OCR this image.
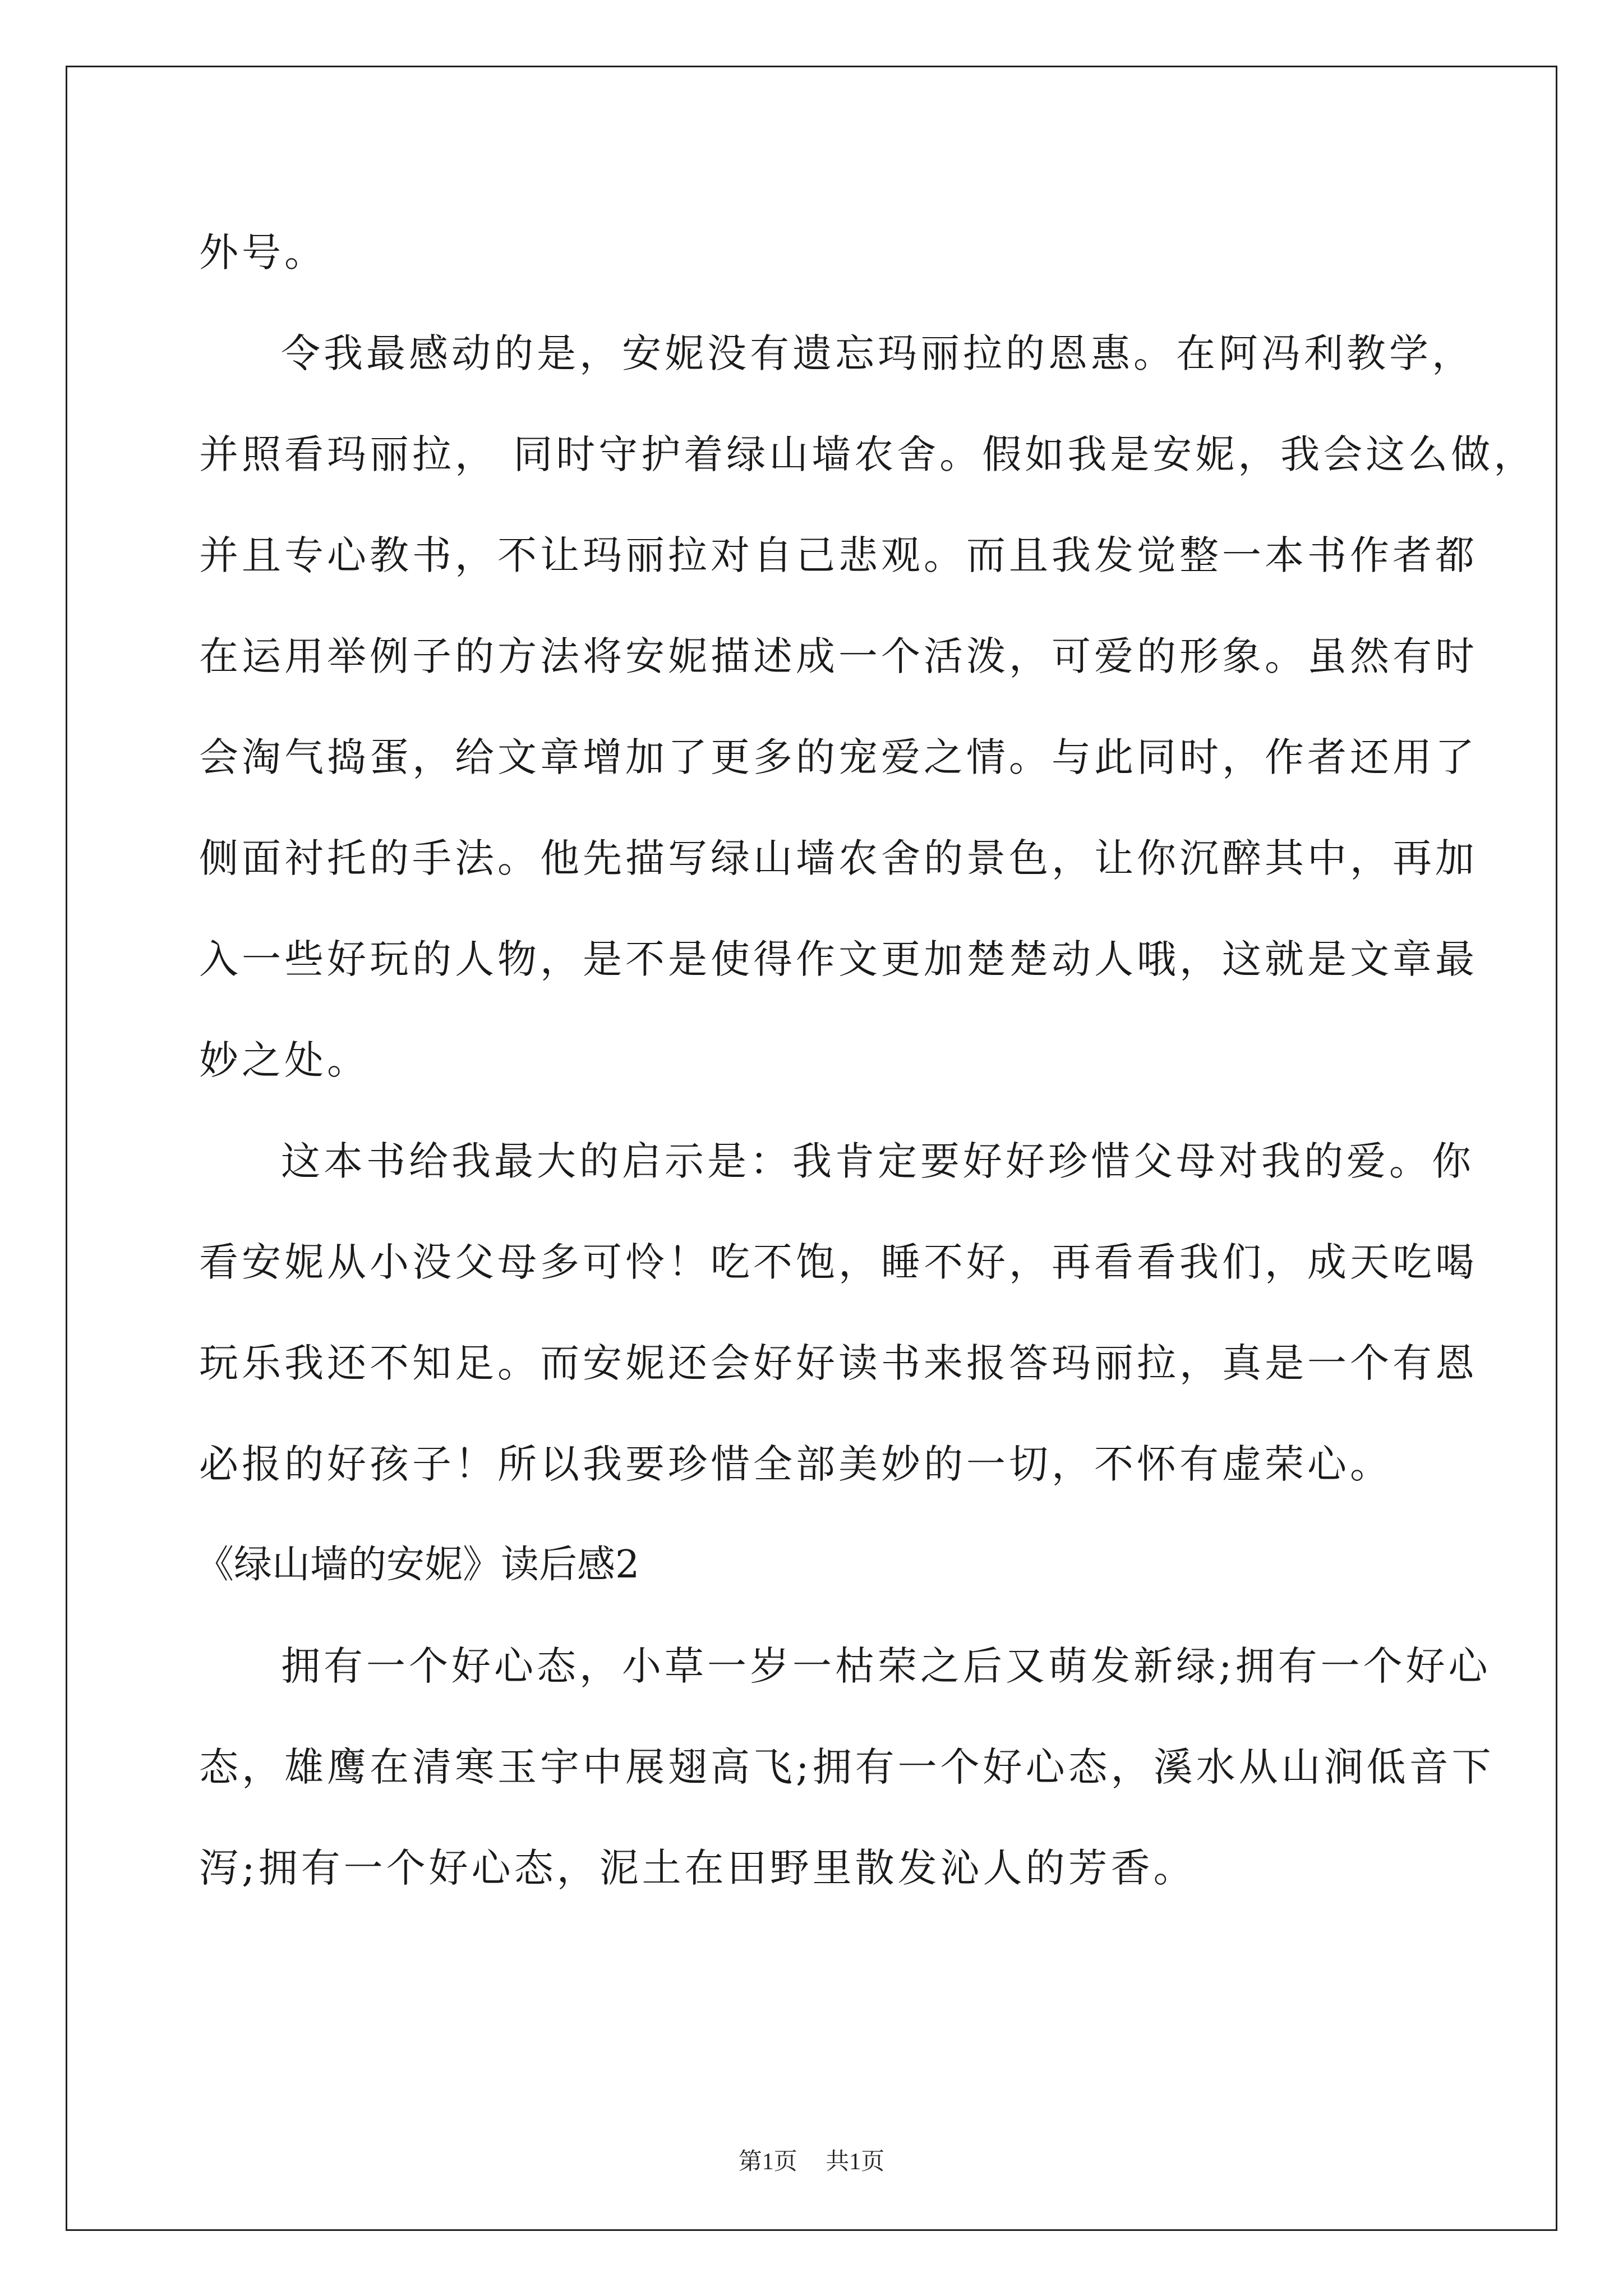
外号。
令我最感动的是，安妮没有遗忘玛丽拉的恩惠。在阿冯利教学，
并照看玛丽拉， 同时守护着绿山墙农舍。假如我是安妮，我会这么做，
并且专心教书，不让玛丽拉对自己悲观。而且我发觉整一本书作者都
在运用举例子的方法将安妮描述成一个活泼，可爱的形象。虽然有时
会淘气捣蛋，给文章增加了更多的宠爱之情。与此同时，作者还用了
侧面衬托的手法。他先描写绿山墙农舍的景色，让你沉醉其中，再加
入一些好玩的人物，是不是使得作文更加楚楚动人哦，这就是文章最
妙之处。
这本书给我最大的启示是：我肯定要好好珍惜父母对我的爱。你
看安妮从小没父母多可怜！吃不饱，睡不好，再看看我们，成天吃喝
玩乐我还不知足。而安妮还会好好读书来报答玛丽拉，真是一个有恩
必报的好孩子！所以我要珍惜全部美妙的一切，不怀有虚荣心。
《绿山墙的安妮》读后感2
拥有一个好心态，小草一岁一枯荣之后又萌发新绿;拥有一个好心
态，雄鹰在清寒玉宇中展翅高飞;拥有一个好心态，溪水从山涧低音下
泻;拥有一个好心态，泥土在田野里散发沁人的芳香。
第1页 共1页
